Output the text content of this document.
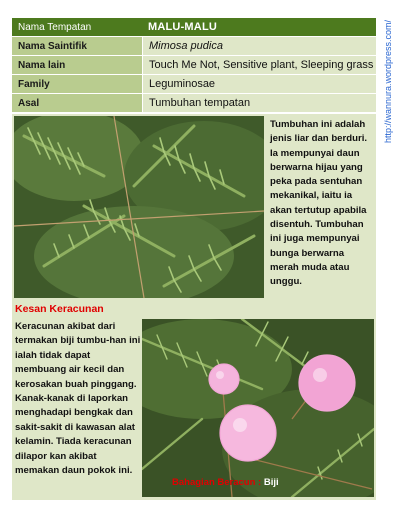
Nama Tempatan	MALU-MALU
Nama Saintifik	Mimosa pudica
Nama lain	Touch Me Not, Sensitive plant, Sleeping grass
Family	Leguminosae
Asal	Tumbuhan tempatan
Tumbuhan ini adalah jenis liar dan berduri. Ia mempunyai daun berwarna hijau yang peka pada sentuhan mekanikal, iaitu ia akan tertutup apabila disentuh. Tumbuhan ini juga mempunyai bunga berwarna merah muda atau unggu.
Kesan Keracunan
Keracunan akibat dari termakan biji tumbu-han ini ialah tidak dapat membuang air kecil dan kerosakan buah pinggang. Kanak-kanak di laporkan menghadapi bengkak dan sakit-sakit di kawasan alat kelamin. Tiada keracunan dilapor kan akibat memakan daun pokok ini.
Bahagian Beracun : Biji
http://wannura.wordpress.com/
